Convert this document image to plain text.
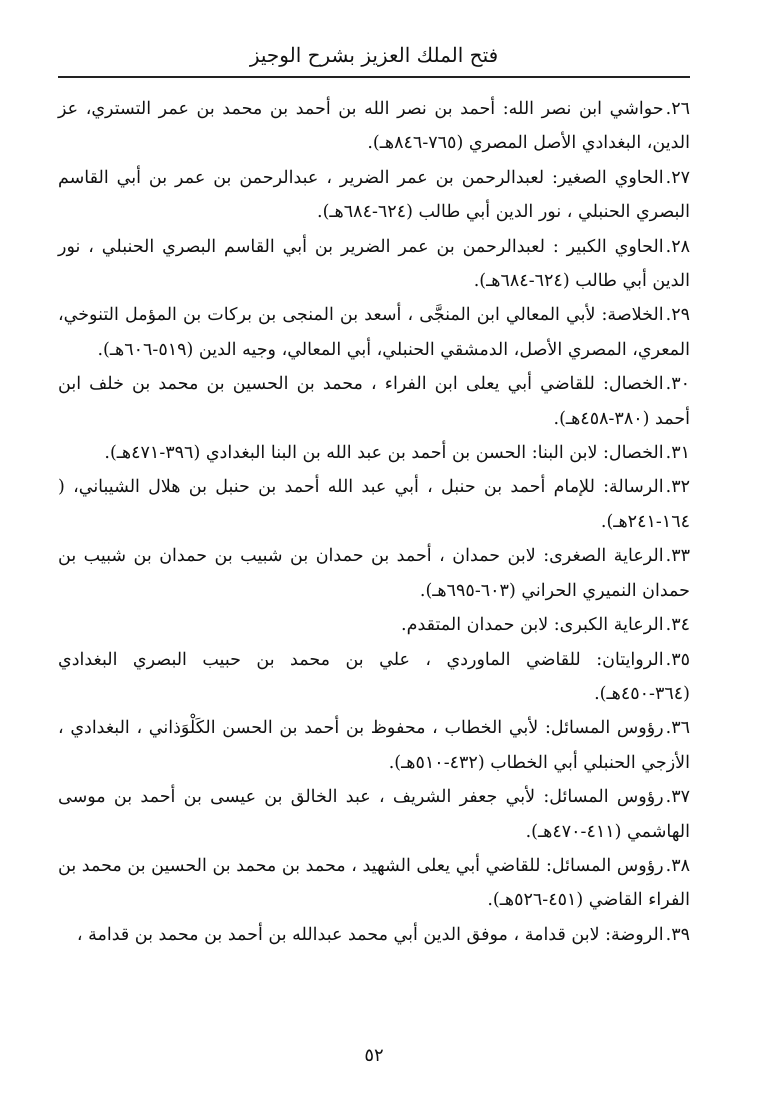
فتح الملك العزيز بشرح الوجيز

٢٦.حواشي ابن نصر الله: أحمد بن نصر الله بن أحمد بن محمد بن عمر التستري، عز الدين، البغدادي الأصل المصري (٧٦٥-٨٤٦هـ).

٢٧.الحاوي الصغير: لعبدالرحمن بن عمر الضرير ، عبدالرحمن بن عمر بن أبي القاسم البصري الحنبلي ، نور الدين أبي طالب (٦٢٤-٦٨٤هـ).

٢٨.الحاوي الكبير : لعبدالرحمن بن عمر الضرير بن أبي القاسم البصري الحنبلي ، نور الدين أبي طالب (٦٢٤-٦٨٤هـ).

٢٩.الخلاصة: لأبي المعالي ابن المنجَّى ، أسعد بن المنجى بن بركات بن المؤمل التنوخي، المعري، المصري الأصل، الدمشقي الحنبلي، أبي المعالي، وجيه الدين (٥١٩-٦٠٦هـ).

٣٠.الخصال: للقاضي أبي يعلى ابن الفراء ، محمد بن الحسين بن محمد بن خلف ابن أحمد (٣٨٠-٤٥٨هـ).

٣١.الخصال: لابن البنا: الحسن بن أحمد بن عبد الله بن البنا البغدادي (٣٩٦-٤٧١هـ).

٣٢.الرسالة: للإمام أحمد بن حنبل ، أبي عبد الله أحمد بن حنبل بن هلال الشيباني، ( ١٦٤-٢٤١هـ).

٣٣.الرعاية الصغرى: لابن حمدان ، أحمد بن حمدان بن شبيب بن حمدان بن شبيب بن حمدان النميري الحراني (٦٠٣-٦٩٥هـ).

٣٤.الرعاية الكبرى: لابن حمدان المتقدم.

٣٥.الروايتان: للقاضي الماوردي ، علي بن محمد بن حبيب البصري البغدادي (٣٦٤-٤٥٠هـ).

٣٦.رؤوس المسائل: لأبي الخطاب ، محفوظ بن أحمد بن الحسن الكَلْوَذاني ، البغدادي ، الأزجي الحنبلي أبي الخطاب (٤٣٢-٥١٠هـ).

٣٧.رؤوس المسائل: لأبي جعفر الشريف ، عبد الخالق بن عيسى بن أحمد بن موسى الهاشمي (٤١١-٤٧٠هـ).

٣٨.رؤوس المسائل: للقاضي أبي يعلى الشهيد ، محمد بن محمد بن الحسين بن محمد بن الفراء القاضي (٤٥١-٥٢٦هـ).

٣٩.الروضة: لابن قدامة ، موفق الدين أبي محمد عبدالله بن أحمد بن محمد بن قدامة ،

٥٢
